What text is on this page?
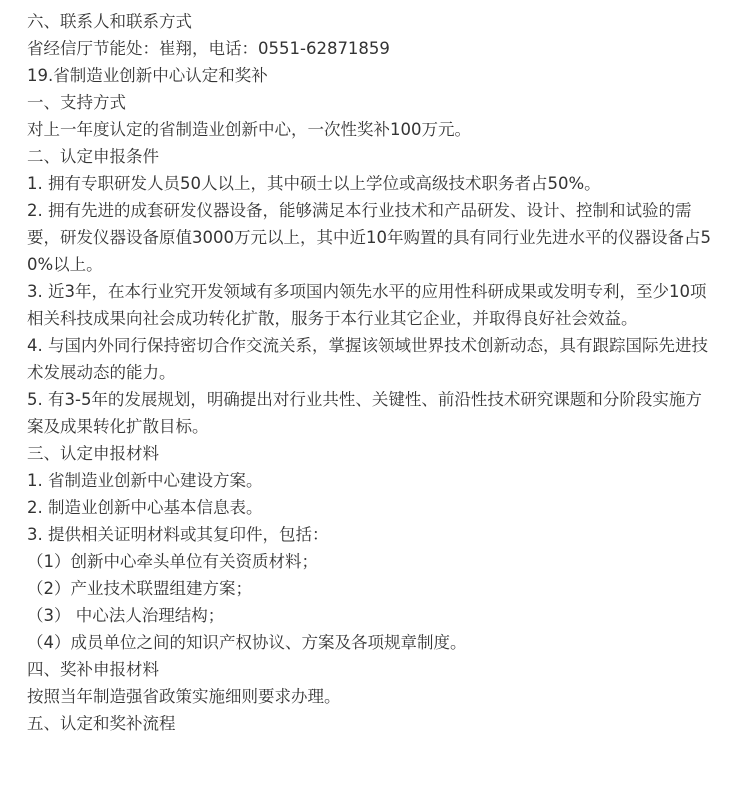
六、联系人和联系方式

省经信厅节能处：崔翔，电话：0551-62871859

19.省制造业创新中心认定和奖补

一、支持方式

对上一年度认定的省制造业创新中心，一次性奖补100万元。

二、认定申报条件

1. 拥有专职研发人员50人以上，其中硕士以上学位或高级技术职务者占50%。

2. 拥有先进的成套研发仪器设备，能够满足本行业技术和产品研发、设计、控制和试验的需要，研发仪器设备原值3000万元以上，其中近10年购置的具有同行业先进水平的仪器设备占50%以上。

3. 近3年，在本行业究开发领域有多项国内领先水平的应用性科研成果或发明专利，至少10项相关科技成果向社会成功转化扩散，服务于本行业其它企业，并取得良好社会效益。

4. 与国内外同行保持密切合作交流关系，掌握该领域世界技术创新动态，具有跟踪国际先进技术发展动态的能力。

5. 有3-5年的发展规划，明确提出对行业共性、关键性、前沿性技术研究课题和分阶段实施方案及成果转化扩散目标。

三、认定申报材料

1. 省制造业创新中心建设方案。

2. 制造业创新中心基本信息表。

3. 提供相关证明材料或其复印件，包括：

（1）创新中心牵头单位有关资质材料；

（2）产业技术联盟组建方案；

（3） 中心法人治理结构；

（4）成员单位之间的知识产权协议、方案及各项规章制度。

四、奖补申报材料

按照当年制造强省政策实施细则要求办理。

五、认定和奖补流程
